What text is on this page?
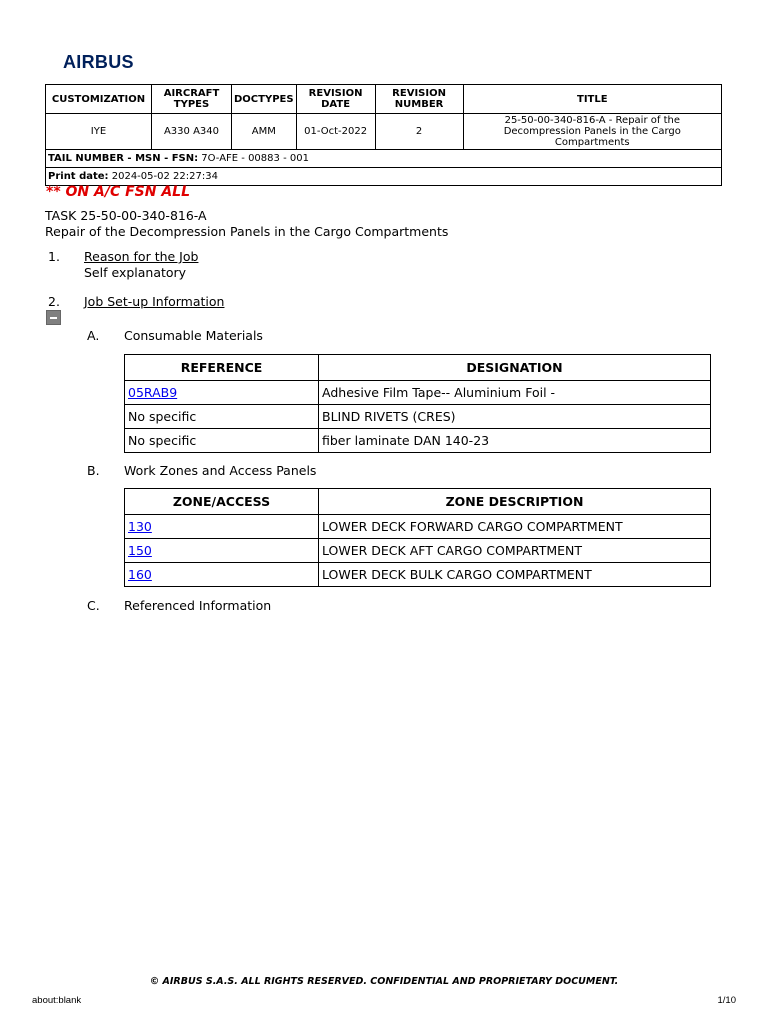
AIRBUS
CUSTOMIZATION	AIRCRAFT TYPES	DOCTYPES	REVISION DATE	REVISION NUMBER	TITLE
IYE	A330 A340	AMM	01-Oct-2022	2	25-50-00-340-816-A - Repair of the Decompression Panels in the Cargo Compartments
TAIL NUMBER - MSN - FSN: 7O-AFE - 00883 - 001					
Print date: 2024-05-02 22:27:34					
** ON A/C FSN ALL
TASK 25-50-00-340-816-A
Repair of the Decompression Panels in the Cargo Compartments
1. Reason for the Job
Self explanatory
2. Job Set-up Information
A. Consumable Materials
REFERENCE	DESIGNATION
05RAB9	Adhesive Film Tape-- Aluminium Foil -
No specific	BLIND RIVETS (CRES)
No specific	fiber laminate DAN 140-23
B. Work Zones and Access Panels
ZONE/ACCESS	ZONE DESCRIPTION
130	LOWER DECK FORWARD CARGO COMPARTMENT
150	LOWER DECK AFT CARGO COMPARTMENT
160	LOWER DECK BULK CARGO COMPARTMENT
C. Referenced Information
© AIRBUS S.A.S. ALL RIGHTS RESERVED. CONFIDENTIAL AND PROPRIETARY DOCUMENT.
about:blank	1/10
